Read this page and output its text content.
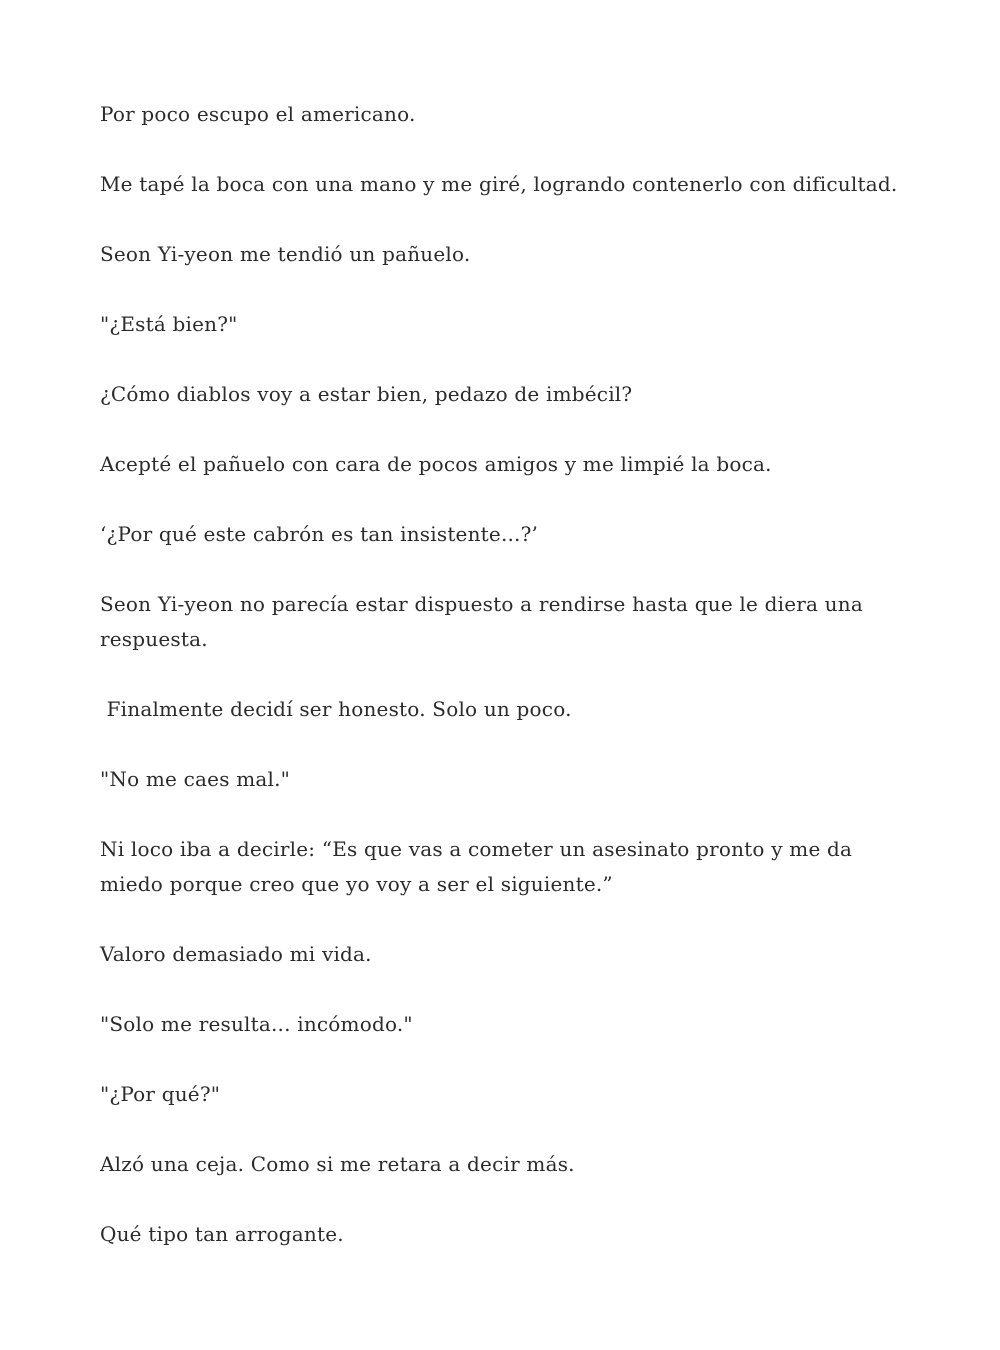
Por poco escupo el americano.

Me tapé la boca con una mano y me giré, logrando contenerlo con dificultad.

Seon Yi-yeon me tendió un pañuelo.

"¿Está bien?"

¿Cómo diablos voy a estar bien, pedazo de imbécil?

Acepté el pañuelo con cara de pocos amigos y me limpié la boca.

‘¿Por qué este cabrón es tan insistente...?’

Seon Yi-yeon no parecía estar dispuesto a rendirse hasta que le diera una respuesta.

Finalmente decidí ser honesto. Solo un poco.

"No me caes mal."

Ni loco iba a decirle: “Es que vas a cometer un asesinato pronto y me da miedo porque creo que yo voy a ser el siguiente.”

Valoro demasiado mi vida.

"Solo me resulta... incómodo."

"¿Por qué?"

Alzó una ceja. Como si me retara a decir más.

Qué tipo tan arrogante.
